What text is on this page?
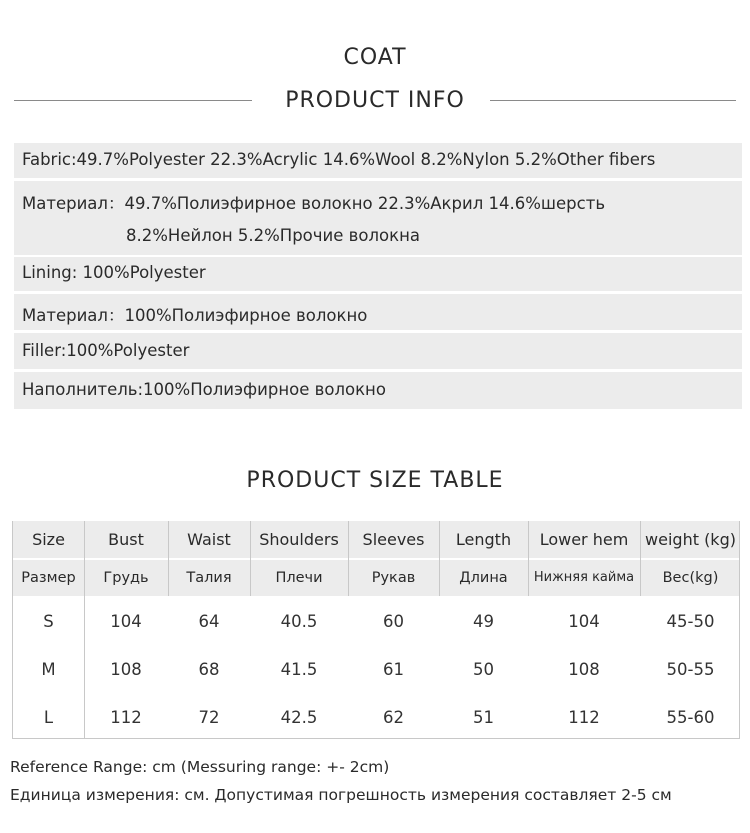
COAT
PRODUCT INFO
Fabric:49.7%Polyester 22.3%Acrylic 14.6%Wool 8.2%Nylon 5.2%Other fibers
Материал：49.7%Полиэфирное волокно 22.3%Акрил 14.6%шерсть
8.2%Нейлон 5.2%Прочие волокна
Lining: 100%Polyester
Материал：100%Полиэфирное волокно
Filler:100%Polyester
Наполнитель:100%Полиэфирное волокно
PRODUCT SIZE TABLE
Size	Bust	Waist	Shoulders	Sleeves	Length	Lower hem	weight (kg)
Размер	Грудь	Талия	Плечи	Рукав	Длина	Нижняя кайма	Вес(kg)
S	104	64	40.5	60	49	104	45-50
M	108	68	41.5	61	50	108	50-55
L	112	72	42.5	62	51	112	55-60
Reference Range: cm (Messuring range: +- 2cm)
Единица измерения: см. Допустимая погрешность измерения составляет 2-5 см
